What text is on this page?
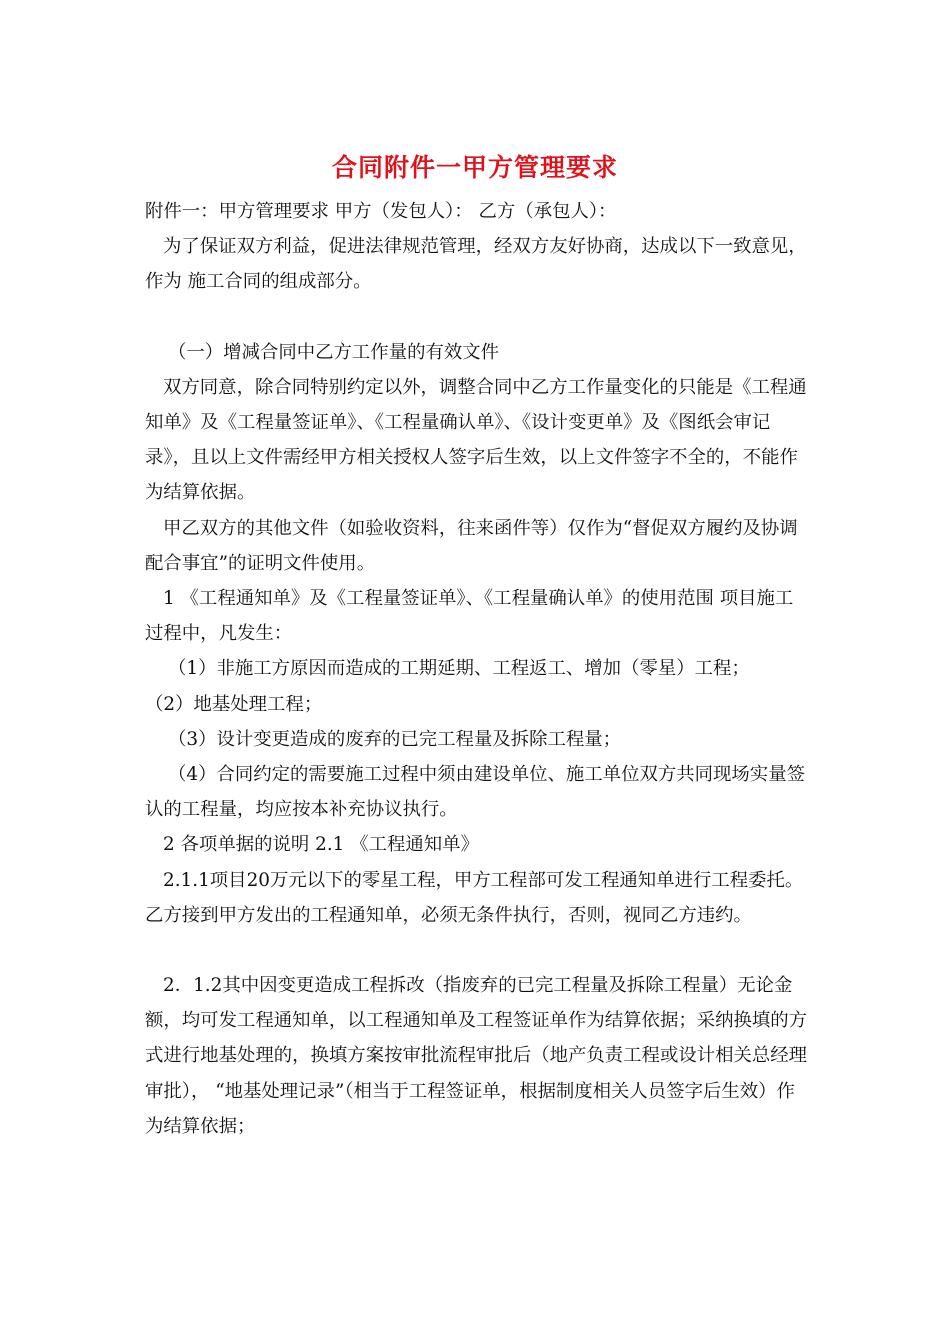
合同附件一甲方管理要求

附件一：甲方管理要求 甲方（发包人）： 乙方（承包人）：

为了保证双方利益，促进法律规范管理，经双方友好协商，达成以下一致意见，作为 施工合同的组成部分。

（一）增减合同中乙方工作量的有效文件

双方同意，除合同特别约定以外，调整合同中乙方工作量变化的只能是《工程通知单》及《工程量签证单》、《工程量确认单》、《设计变更单》及《图纸会审记录》，且以上文件需经甲方相关授权人签字后生效，以上文件签字不全的，不能作为结算依据。

甲乙双方的其他文件（如验收资料，往来函件等）仅作为“督促双方履约及协调配合事宜”的证明文件使用。

1 《工程通知单》及《工程量签证单》、《工程量确认单》的使用范围 项目施工过程中，凡发生：

（1）非施工方原因而造成的工期延期、工程返工、增加（零星）工程；

（2）地基处理工程；

（3）设计变更造成的废弃的已完工程量及拆除工程量；

（4）合同约定的需要施工过程中须由建设单位、施工单位双方共同现场实量签认的工程量，均应按本补充协议执行。

2 各项单据的说明 2.1 《工程通知单》

2.1.1项目20万元以下的零星工程，甲方工程部可发工程通知单进行工程委托。乙方接到甲方发出的工程通知单，必须无条件执行，否则，视同乙方违约。

2．1.2其中因变更造成工程拆改（指废弃的已完工程量及拆除工程量）无论金额，均可发工程通知单，以工程通知单及工程签证单作为结算依据；采纳换填的方式进行地基处理的，换填方案按审批流程审批后（地产负责工程或设计相关总经理审批）， “地基处理记录”（相当于工程签证单，根据制度相关人员签字后生效）作为结算依据；
